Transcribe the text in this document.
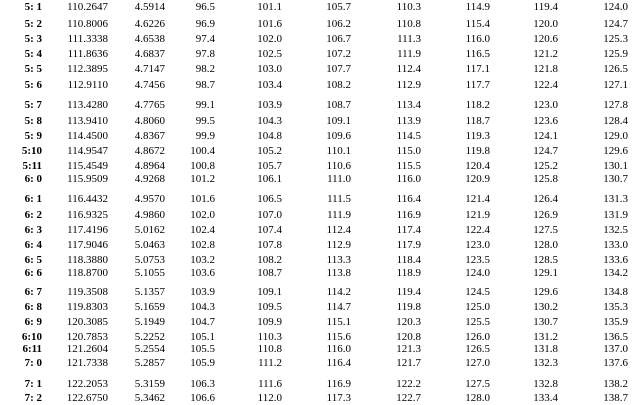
5: 1	110.2647	4.5914	96.5	101.1	105.7	110.3	114.9	119.4	124.0
5: 2	110.8006	4.6226	96.9	101.6	106.2	110.8	115.4	120.0	124.7
5: 3	111.3338	4.6538	97.4	102.0	106.7	111.3	116.0	120.6	125.3
5: 4	111.8636	4.6837	97.8	102.5	107.2	111.9	116.5	121.2	125.9
5: 5	112.3895	4.7147	98.2	103.0	107.7	112.4	117.1	121.8	126.5
5: 6	112.9110	4.7456	98.7	103.4	108.2	112.9	117.7	122.4	127.1
5: 7	113.4280	4.7765	99.1	103.9	108.7	113.4	118.2	123.0	127.8
5: 8	113.9410	4.8060	99.5	104.3	109.1	113.9	118.7	123.6	128.4
5: 9	114.4500	4.8367	99.9	104.8	109.6	114.5	119.3	124.1	129.0
5:10	114.9547	4.8672	100.4	105.2	110.1	115.0	119.8	124.7	129.6
5:11	115.4549	4.8964	100.8	105.7	110.6	115.5	120.4	125.2	130.1
6: 0	115.9509	4.9268	101.2	106.1	111.0	116.0	120.9	125.8	130.7
6: 1	116.4432	4.9570	101.6	106.5	111.5	116.4	121.4	126.4	131.3
6: 2	116.9325	4.9860	102.0	107.0	111.9	116.9	121.9	126.9	131.9
6: 3	117.4196	5.0162	102.4	107.4	112.4	117.4	122.4	127.5	132.5
6: 4	117.9046	5.0463	102.8	107.8	112.9	117.9	123.0	128.0	133.0
6: 5	118.3880	5.0753	103.2	108.2	113.3	118.4	123.5	128.5	133.6
6: 6	118.8700	5.1055	103.6	108.7	113.8	118.9	124.0	129.1	134.2
6: 7	119.3508	5.1357	103.9	109.1	114.2	119.4	124.5	129.6	134.8
6: 8	119.8303	5.1659	104.3	109.5	114.7	119.8	125.0	130.2	135.3
6: 9	120.3085	5.1949	104.7	109.9	115.1	120.3	125.5	130.7	135.9
6:10	120.7853	5.2252	105.1	110.3	115.6	120.8	126.0	131.2	136.5
6:11	121.2604	5.2554	105.5	110.8	116.0	121.3	126.5	131.8	137.0
7: 0	121.7338	5.2857	105.9	111.2	116.4	121.7	127.0	132.3	137.6
7: 1	122.2053	5.3159	106.3	111.6	116.9	122.2	127.5	132.8	138.2
7: 2	122.6750	5.3462	106.6	112.0	117.3	122.7	128.0	133.4	138.7
